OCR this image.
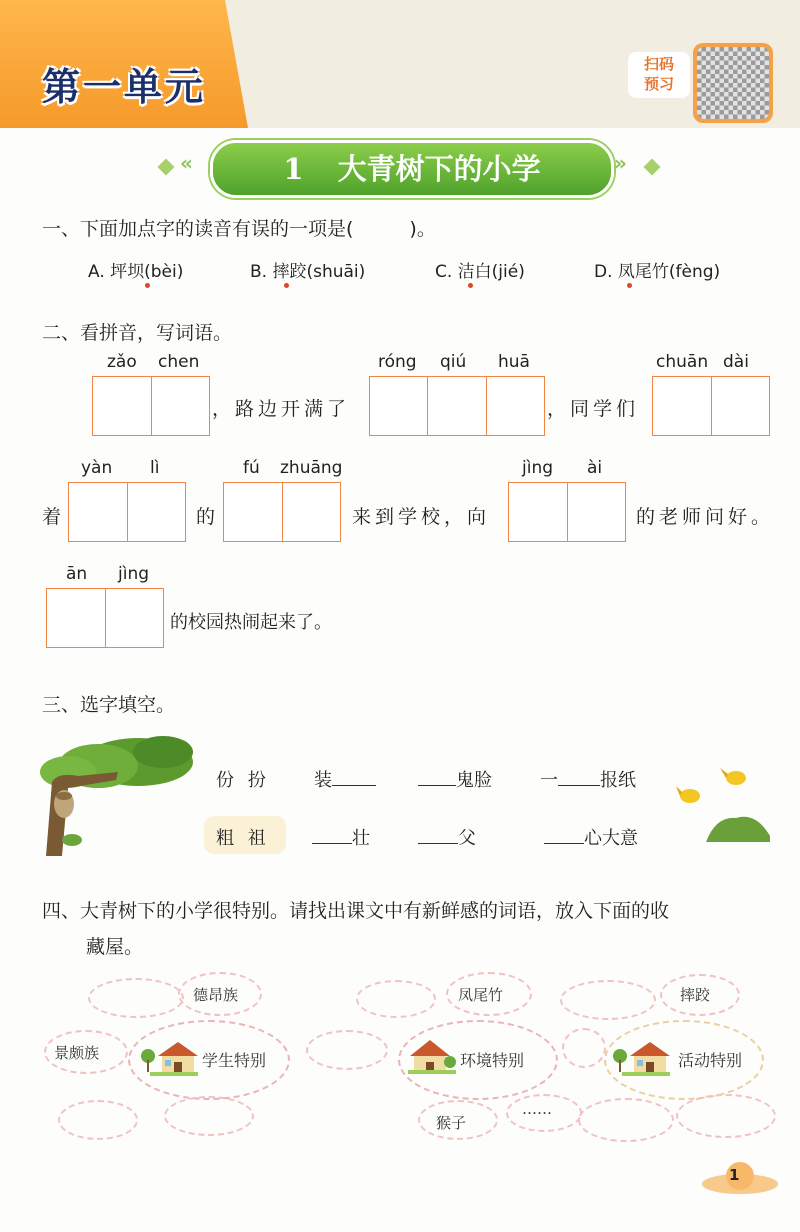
第一单元
扫码
预习
«	1 大青树下的小学	»
一、下面加点字的读音有误的一项是(	)。
A. 坪坝(bèi)	B. 摔跤(shuāi)	C. 洁白(jié)	D. 凤尾竹(fèng)
二、看拼音，写词语。
zǎo chen
，路边开满了
róng qiú huā
，同学们
chuān dài
yàn lì
着	的
fú zhuāng
来到学校，向
jìng ài
的老师问好。
ān jìng
的校园热闹起来了。
三、选字填空。
份 扮 装	鬼脸	一 报纸
粗 祖	壮	父	心大意
四、大青树下的小学很特别。请找出课文中有新鲜感的词语，放入下面的收
藏屋。
德昂族
景颇族
凤尾竹
猴子
……
摔跤
学生特别	环境特别	活动特别
1
